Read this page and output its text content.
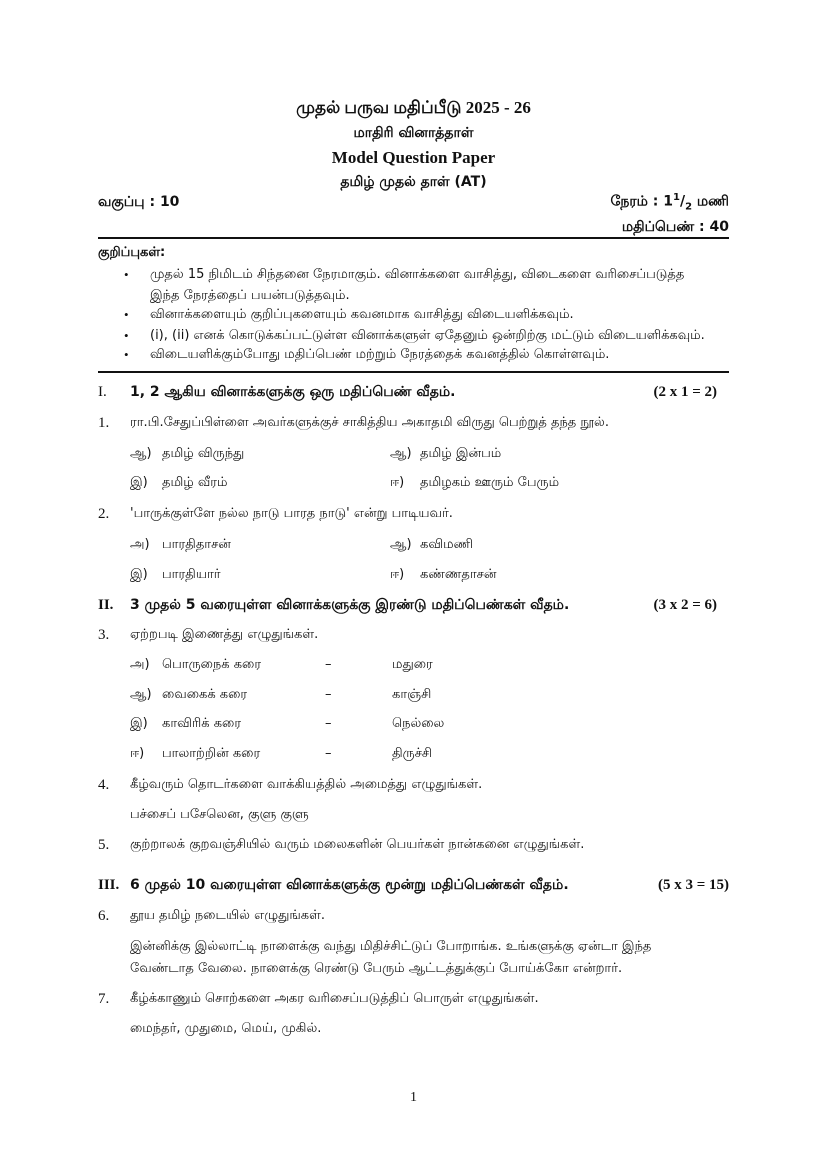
முதல் பருவ மதிப்பீடு 2025 - 26
மாதிரி வினாத்தாள்
Model Question Paper
தமிழ் முதல் தாள் (AT)
வகுப்பு : 10	நேரம் : $1^1/_2$ மணி
மதிப்பெண் : 40
குறிப்புகள்:
• முதல் 15 நிமிடம் சிந்தனை நேரமாகும். வினாக்களை வாசித்து, விடைகளை வரிசைப்படுத்த
இந்த நேரத்தைப் பயன்படுத்தவும்.
• வினாக்களையும் குறிப்புகளையும் கவனமாக வாசித்து விடையளிக்கவும்.
• (i), (ii) எனக் கொடுக்கப்பட்டுள்ள வினாக்களுள் ஏதேனும் ஒன்றிற்கு மட்டும் விடையளிக்கவும்.
• விடையளிக்கும்போது மதிப்பெண் மற்றும் நேரத்தைக் கவனத்தில் கொள்ளவும்.
I. 1, 2 ஆகிய வினாக்களுக்கு ஒரு மதிப்பெண் வீதம்.	(2 x 1 = 2)
1. ரா.பி.சேதுப்பிள்ளை அவர்களுக்குச் சாகித்திய அகாதமி விருது பெற்றுத் தந்த நூல்.
ஆ) தமிழ் விருந்து	ஆ) தமிழ் இன்பம்
இ) தமிழ் வீரம்	ஈ) தமிழகம் ஊரும் பேரும்
2. 'பாருக்குள்ளே நல்ல நாடு பாரத நாடு' என்று பாடியவர்.
அ) பாரதிதாசன்	ஆ) கவிமணி
இ) பாரதியார்	ஈ) கண்ணதாசன்
II. 3 முதல் 5 வரையுள்ள வினாக்களுக்கு இரண்டு மதிப்பெண்கள் வீதம்.	(3 x 2 = 6)
3. ஏற்றபடி இணைத்து எழுதுங்கள்.
அ) பொருநைக் கரை	–	மதுரை
ஆ) வைகைக் கரை	–	காஞ்சி
இ) காவிரிக் கரை	–	நெல்லை
ஈ) பாலாற்றின் கரை	–	திருச்சி
4. கீழ்வரும் தொடர்களை வாக்கியத்தில் அமைத்து எழுதுங்கள்.
பச்சைப் பசேலென, குளு குளு
5. குற்றாலக் குறவஞ்சியில் வரும் மலைகளின் பெயர்கள் நான்கனை எழுதுங்கள்.
III. 6 முதல் 10 வரையுள்ள வினாக்களுக்கு மூன்று மதிப்பெண்கள் வீதம்.	(5 x 3 = 15)
6. தூய தமிழ் நடையில் எழுதுங்கள்.
இன்னிக்கு இல்லாட்டி நாளைக்கு வந்து மிதிச்சிட்டுப் போறாங்க. உங்களுக்கு ஏன்டா இந்த
வேண்டாத வேலை. நாளைக்கு ரெண்டு பேரும் ஆட்டத்துக்குப் போய்க்கோ என்றார்.
7. கீழ்க்காணும் சொற்களை அகர வரிசைப்படுத்திப் பொருள் எழுதுங்கள்.
மைந்தர், முதுமை, மெய், முகில்.
1
